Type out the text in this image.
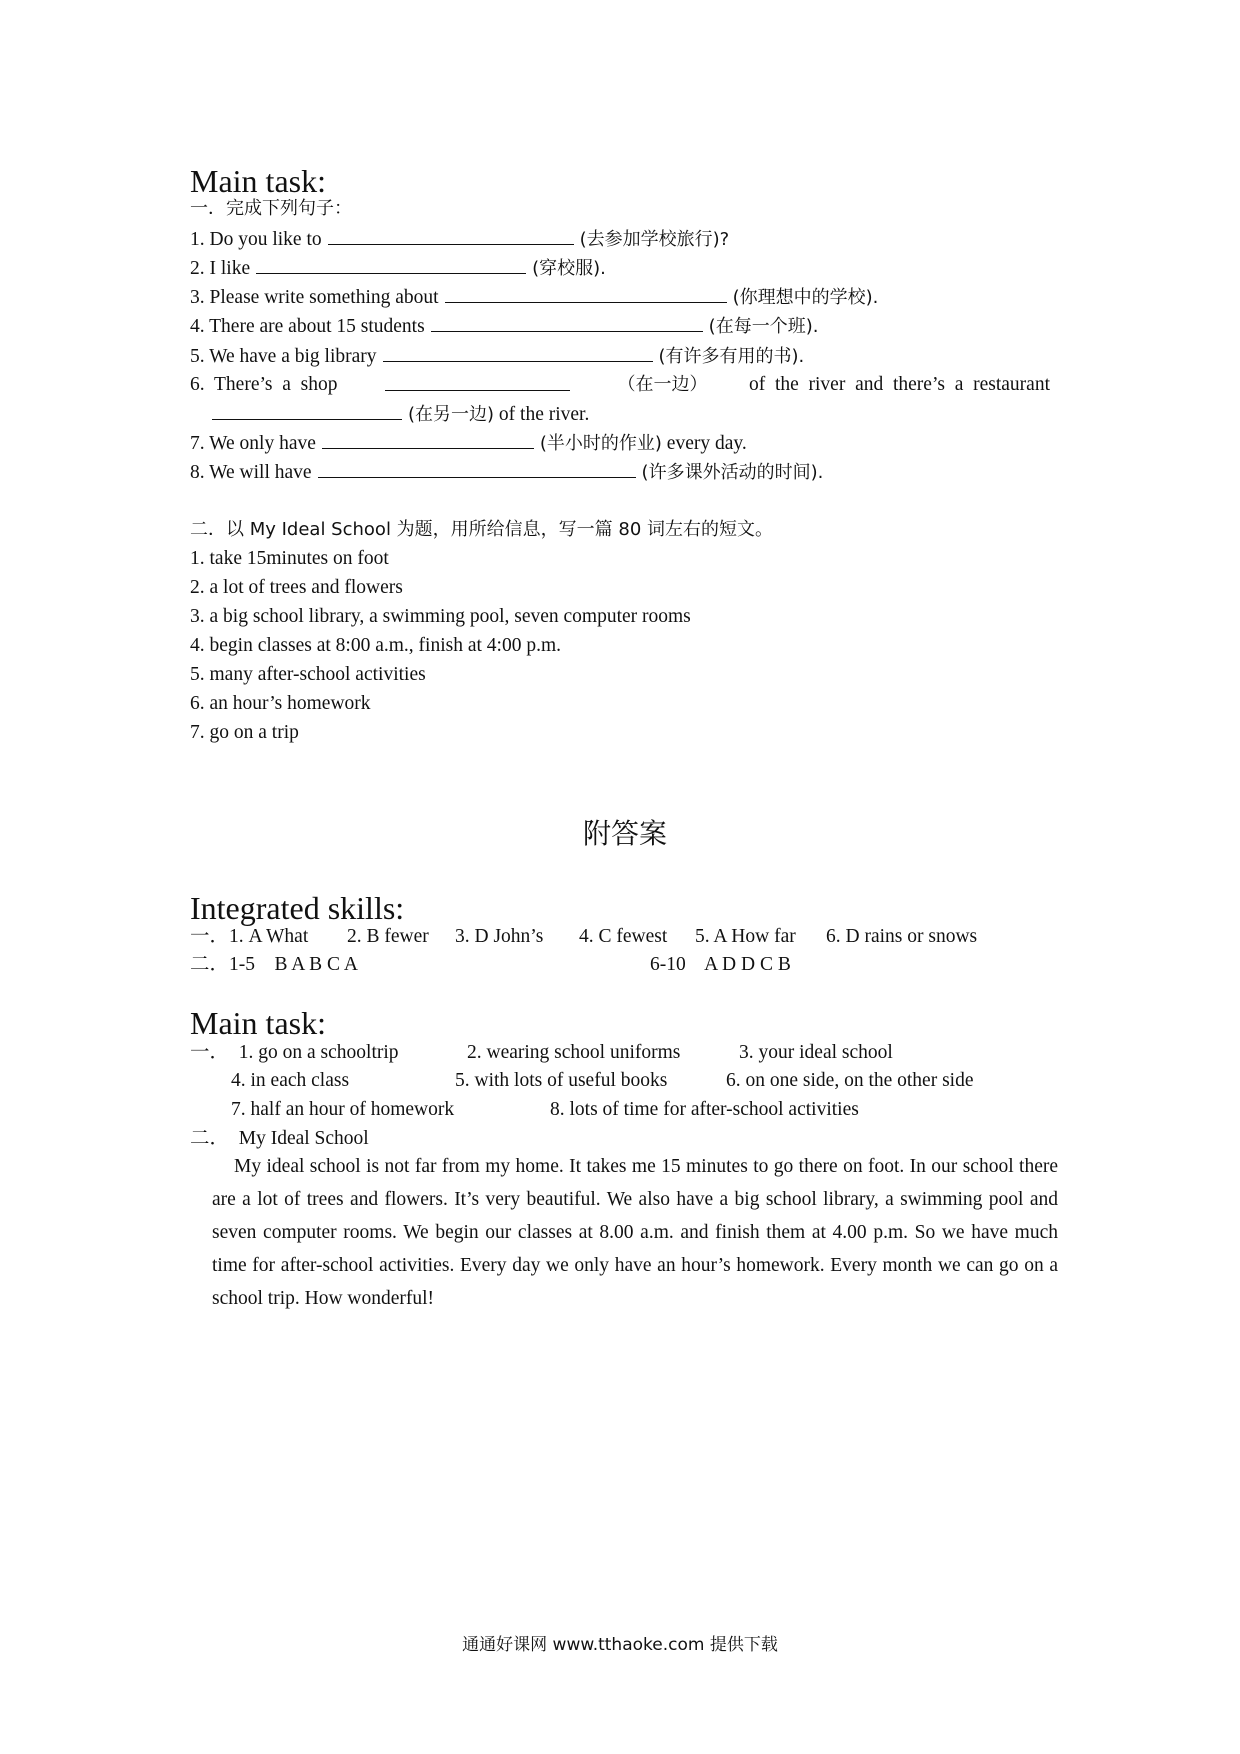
Main task:
一．完成下列句子：
1. Do you like to	(去参加学校旅行)?
2. I like	(穿校服).
3. Please write something about	(你理想中的学校).
4. There are about 15 students	(在每一个班).
5. We have a big library	(有许多有用的书).
6.  There’s  a  shop	（在一边） of  the  river  and  there’s  a  restaurant
(在另一边) of the river.
7. We only have	(半小时的作业) every day.
8. We will have	(许多课外活动的时间).
二．以 My Ideal School 为题，用所给信息，写一篇 80 词左右的短文。
1. take 15minutes on foot
2. a lot of trees and flowers
3. a big school library, a swimming pool, seven computer rooms
4. begin classes at 8:00 a.m., finish at 4:00 p.m.
5. many after-school activities
6. an hour’s homework
7. go on a trip
附答案
Integrated skills:
一．1. A What 2. B fewer 3. D John’s 4. C fewest 5. A How far 6. D rains or snows
二．1-5    B A B C A	6-10    A D D C B
Main task:
一．  1. go on a schooltrip	2. wearing school uniforms	3. your ideal school
4. in each class	5. with lots of useful books	6. on one side, on the other side
7. half an hour of homework	8. lots of time for after-school activities
二．  My Ideal School
My ideal school is not far from my home. It takes me 15 minutes to go there on foot. In our school there are a lot of trees and flowers. It’s very beautiful. We also have a big school library, a swimming pool and seven computer rooms. We begin our classes at 8.00 a.m. and finish them at 4.00 p.m. So we have much time for after-school activities. Every day we only have an hour’s homework. Every month we can go on a school trip. How wonderful!
通通好课网 www.tthaoke.com 提供下载
